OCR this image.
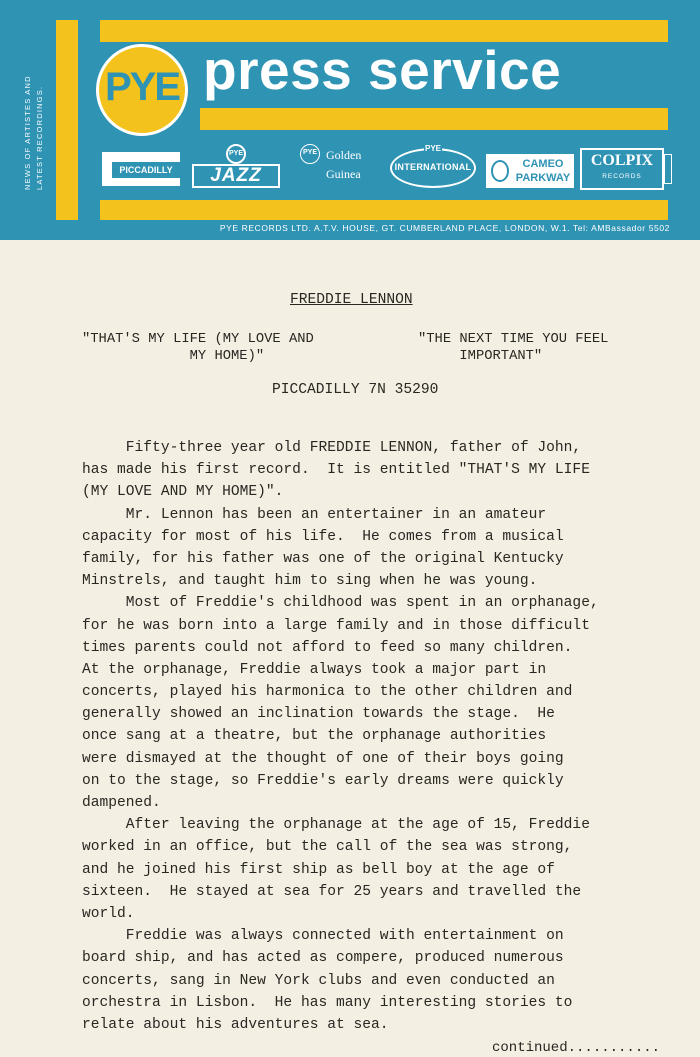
NEWS OF ARTISTES AND LATEST RECORDINGS. PYE press service
PICCADILLY
PYE
JAZZ
PYE Golden
Guinea	INTERNATIONAL
PYE
CAMEO
PARKWAY
COLPIX
RECORDS
PYE RECORDS LTD. A.T.V. HOUSE, GT. CUMBERLAND PLACE, LONDON, W.1. Tel: AMBassador 5502
FREDDIE LENNON
"THAT'S MY LIFE (MY LOVE AND
MY HOME)"
"THE NEXT TIME YOU FEEL
IMPORTANT"
PICCADILLY 7N 35290
Fifty-three year old FREDDIE LENNON, father of John,
has made his first record.  It is entitled "THAT'S MY LIFE
(MY LOVE AND MY HOME)".
Mr. Lennon has been an entertainer in an amateur
capacity for most of his life.  He comes from a musical
family, for his father was one of the original Kentucky
Minstrels, and taught him to sing when he was young.
Most of Freddie's childhood was spent in an orphanage,
for he was born into a large family and in those difficult
times parents could not afford to feed so many children.
At the orphanage, Freddie always took a major part in
concerts, played his harmonica to the other children and
generally showed an inclination towards the stage.  He
once sang at a theatre, but the orphanage authorities
were dismayed at the thought of one of their boys going
on to the stage, so Freddie's early dreams were quickly
dampened.
After leaving the orphanage at the age of 15, Freddie
worked in an office, but the call of the sea was strong,
and he joined his first ship as bell boy at the age of
sixteen.  He stayed at sea for 25 years and travelled the
world.
Freddie was always connected with entertainment on
board ship, and has acted as compere, produced numerous
concerts, sang in New York clubs and even conducted an
orchestra in Lisbon.  He has many interesting stories to
relate about his adventures at sea.
continued...........
